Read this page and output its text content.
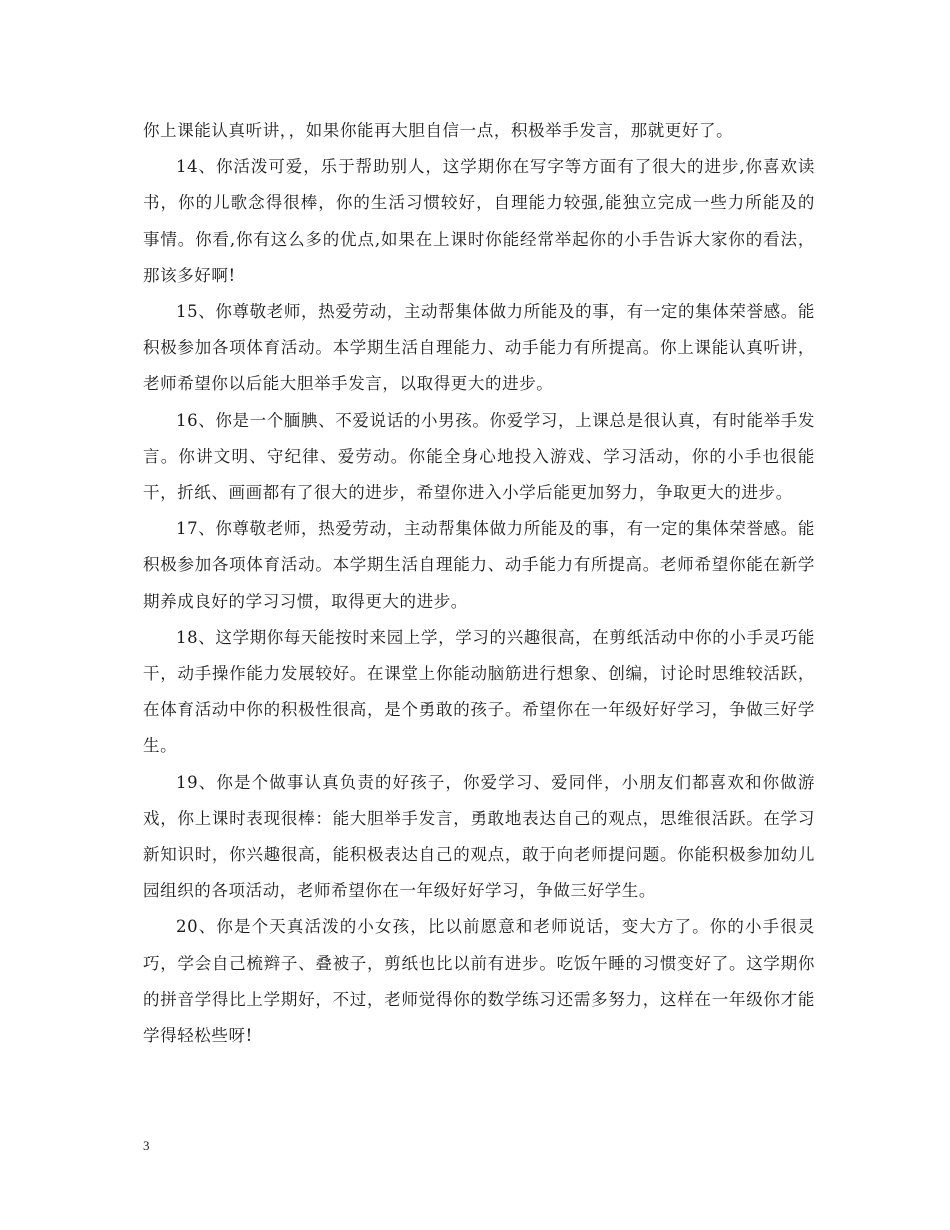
你上课能认真听讲，，如果你能再大胆自信一点，积极举手发言，那就更好了。

14、你活泼可爱，乐于帮助别人，这学期你在写字等方面有了很大的进步,你喜欢读书，你的儿歌念得很棒，你的生活习惯较好，自理能力较强,能独立完成一些力所能及的事情。你看,你有这么多的优点,如果在上课时你能经常举起你的小手告诉大家你的看法，那该多好啊!

15、你尊敬老师，热爱劳动，主动帮集体做力所能及的事，有一定的集体荣誉感。能积极参加各项体育活动。本学期生活自理能力、动手能力有所提高。你上课能认真听讲，老师希望你以后能大胆举手发言，以取得更大的进步。

16、你是一个腼腆、不爱说话的小男孩。你爱学习，上课总是很认真，有时能举手发言。你讲文明、守纪律、爱劳动。你能全身心地投入游戏、学习活动，你的小手也很能干，折纸、画画都有了很大的进步，希望你进入小学后能更加努力，争取更大的进步。

17、你尊敬老师，热爱劳动，主动帮集体做力所能及的事，有一定的集体荣誉感。能积极参加各项体育活动。本学期生活自理能力、动手能力有所提高。老师希望你能在新学期养成良好的学习习惯，取得更大的进步。

18、这学期你每天能按时来园上学，学习的兴趣很高，在剪纸活动中你的小手灵巧能干，动手操作能力发展较好。在课堂上你能动脑筋进行想象、创编，讨论时思维较活跃，在体育活动中你的积极性很高，是个勇敢的孩子。希望你在一年级好好学习，争做三好学生。

19、你是个做事认真负责的好孩子，你爱学习、爱同伴，小朋友们都喜欢和你做游戏，你上课时表现很棒：能大胆举手发言，勇敢地表达自己的观点，思维很活跃。在学习新知识时，你兴趣很高，能积极表达自己的观点，敢于向老师提问题。你能积极参加幼儿园组织的各项活动，老师希望你在一年级好好学习，争做三好学生。

20、你是个天真活泼的小女孩，比以前愿意和老师说话，变大方了。你的小手很灵巧，学会自己梳辫子、叠被子，剪纸也比以前有进步。吃饭午睡的习惯变好了。这学期你的拼音学得比上学期好，不过，老师觉得你的数学练习还需多努力，这样在一年级你才能学得轻松些呀!

3
